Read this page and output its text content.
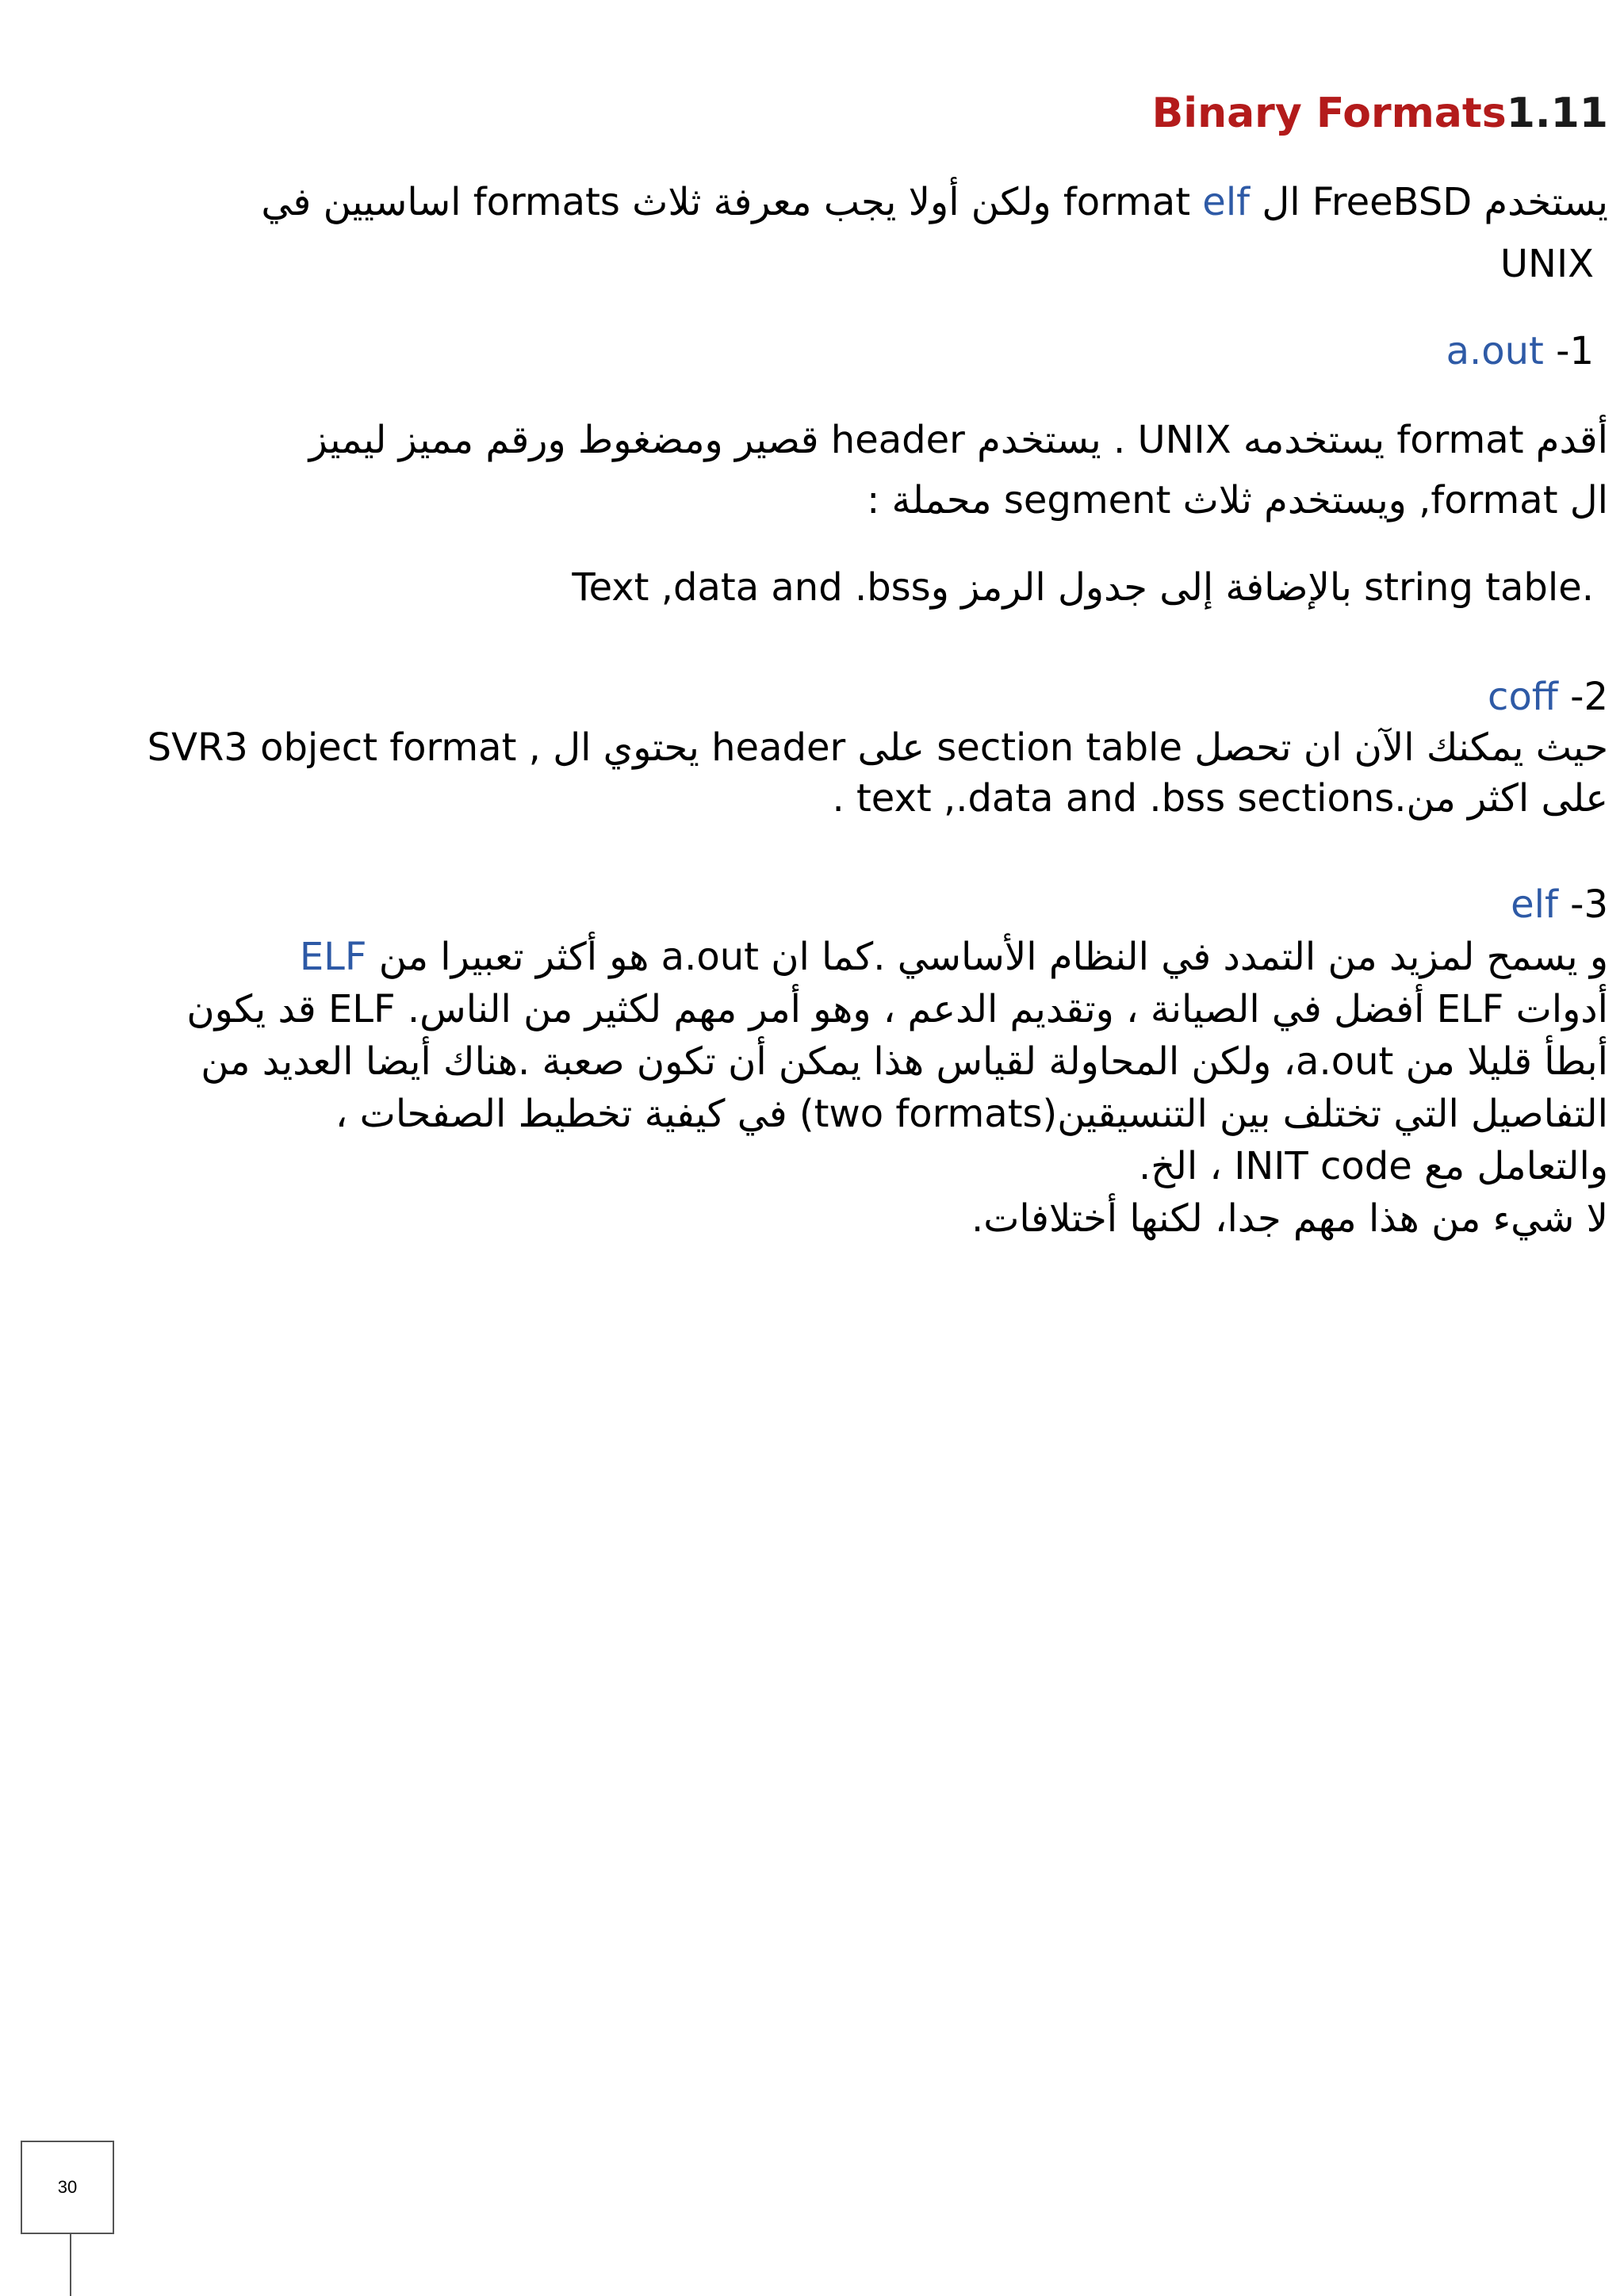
Binary Formats1.11
يستخدم FreeBSD ال format elf ولكن أولا يجب معرفة ثلاث formats اساسيين في
UNIX
a.out -1
أقدم format يستخدمه UNIX . يستخدم header قصير ومضغوط ورقم مميز ليميز
ال format, ويستخدم ثلاث segment محملة :
Text ,data and .bssبالإضافة إلى جدول الرمز و string table.
coff -2
SVR3 object format , يحتوي ال header على section table حيث يمكنك الآن ان تحصل
على اكثر من.text ,.data and .bss sections .
elf -3
ELF هو أكثر تعبيرا من a.out و يسمح لمزيد من التمدد في النظام الأساسي .كما ان
أدوات ELF أفضل في الصيانة ، وتقديم الدعم ، وهو أمر مهم لكثير من الناس. ELF قد يكون
أبطأ قليلا من a.out، ولكن المحاولة لقياس هذا يمكن أن تكون صعبة .هناك أيضا العديد من
التفاصيل التي تختلف بين التنسيقين(two formats) في كيفية تخطيط الصفحات ،
والتعامل مع INIT code ، الخ.
لا شيء من هذا مهم جدا، لكنها أختلافات.
30
